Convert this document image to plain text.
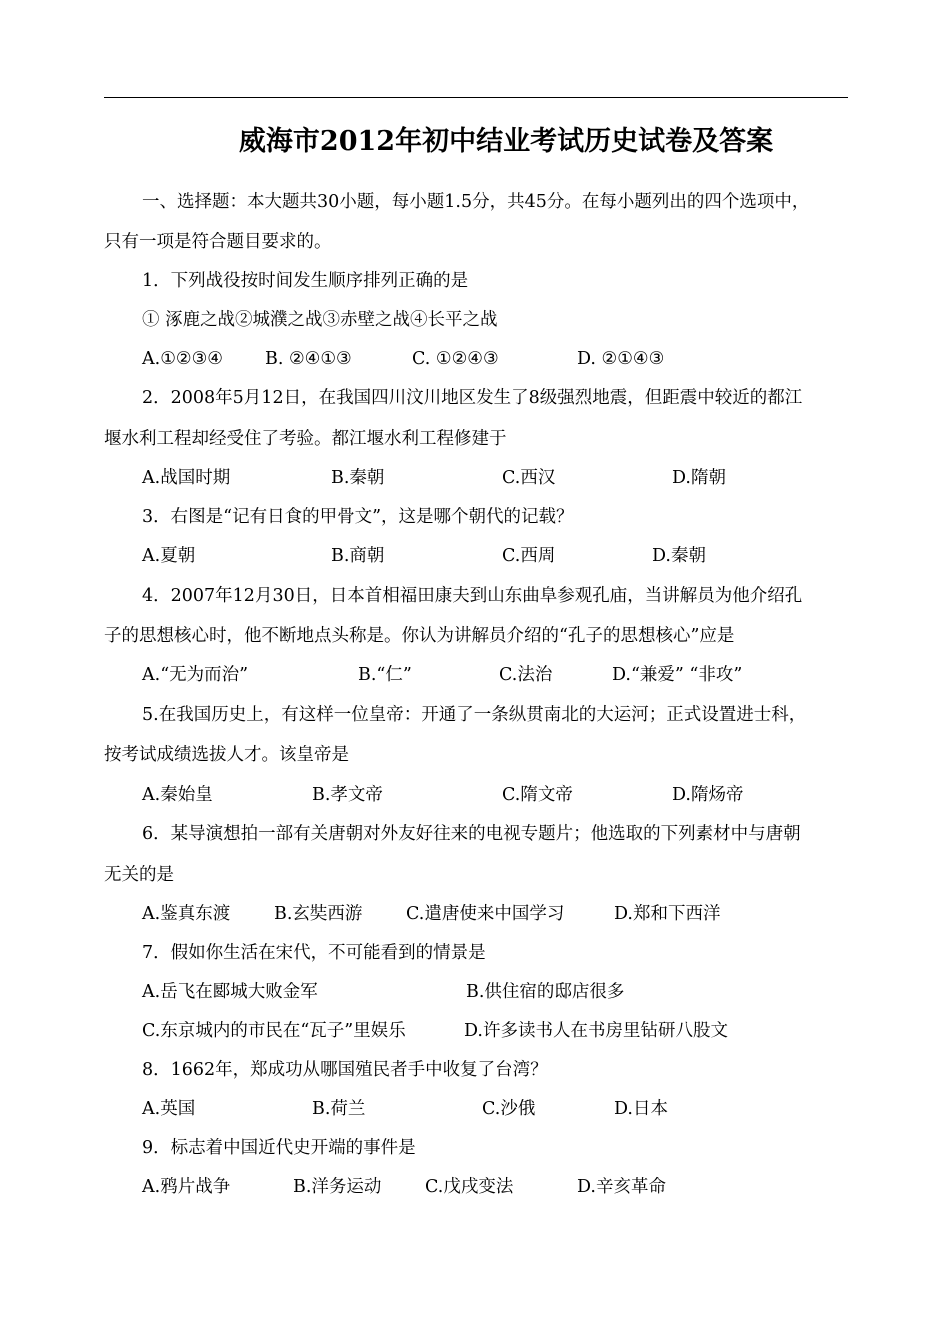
威海市2012年初中结业考试历史试卷及答案
一、选择题：本大题共30小题，每小题1.5分，共45分。在每小题列出的四个选项中，
只有一项是符合题目要求的。
1．下列战役按时间发生顺序排列正确的是
① 涿鹿之战②城濮之战③赤壁之战④长平之战
A.①②③④ B. ②④①③	C. ①②④③	D. ②①④③
2．2008年5月12日，在我国四川汶川地区发生了8级强烈地震，但距震中较近的都江
堰水利工程却经受住了考验。都江堰水利工程修建于
A.战国时期	B.秦朝	C.西汉	D.隋朝
3．右图是“记有日食的甲骨文”，这是哪个朝代的记载？
A.夏朝	B.商朝	C.西周	D.秦朝
4．2007年12月30日，日本首相福田康夫到山东曲阜参观孔庙，当讲解员为他介绍孔
子的思想核心时，他不断地点头称是。你认为讲解员介绍的“孔子的思想核心”应是
A.“无为而治”	B.“仁”	C.法治	D.“兼爱” “非攻”
5.在我国历史上，有这样一位皇帝：开通了一条纵贯南北的大运河；正式设置进士科，
按考试成绩选拔人才。该皇帝是
A.秦始皇	B.孝文帝	C.隋文帝	D.隋炀帝
6．某导演想拍一部有关唐朝对外友好往来的电视专题片；他选取的下列素材中与唐朝
无关的是
A.鉴真东渡	B.玄奘西游 C.遣唐使来中国学习	D.郑和下西洋
7．假如你生活在宋代，不可能看到的情景是
A.岳飞在郾城大败金军	B.供住宿的邸店很多
C.东京城内的市民在“瓦子”里娱乐	D.许多读书人在书房里钻研八股文
8．1662年，郑成功从哪国殖民者手中收复了台湾？
A.英国	B.荷兰	C.沙俄	D.日本
9．标志着中国近代史开端的事件是
A.鸦片战争	B.洋务运动 C.戊戌变法	D.辛亥革命
